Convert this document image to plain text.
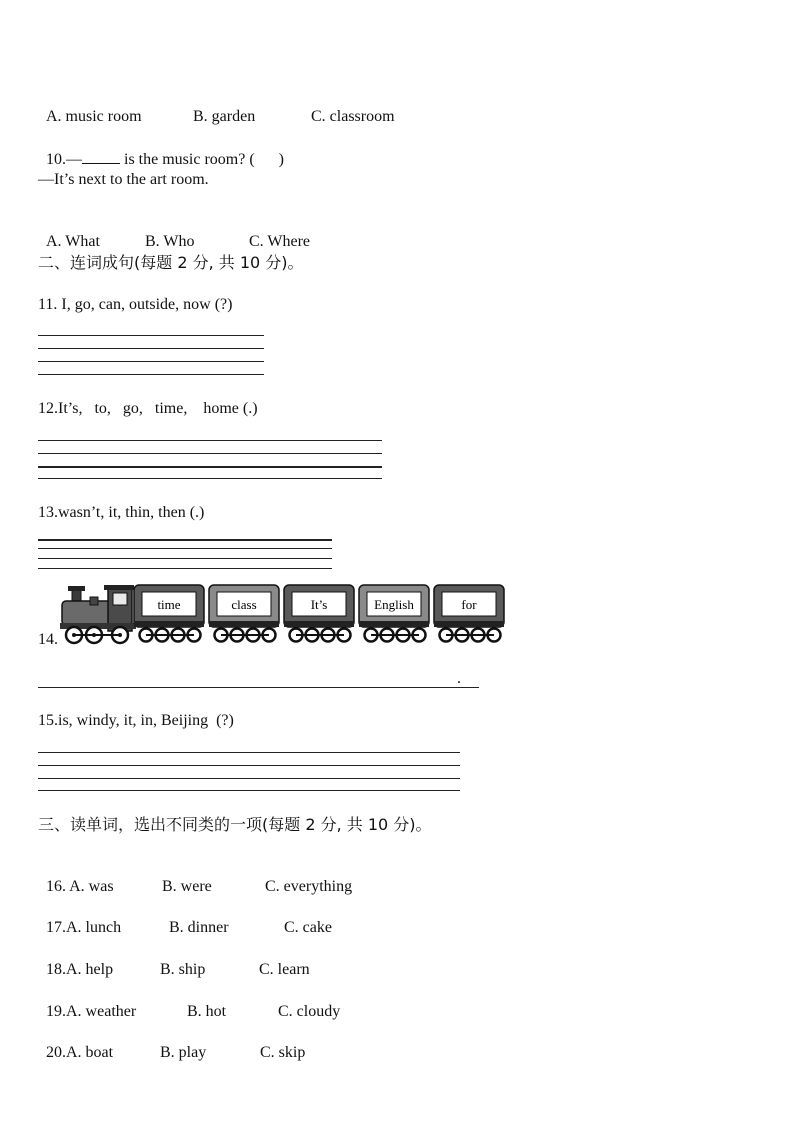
A. music room	B. garden	C. classroom

10.— is the music room? ( )

—It’s next to the art room.

A. What	B. Who	C. Where

二、连词成句(每题 2 分, 共 10 分)。
11. I, go, can, outside, now (?)
12.It’s,   to,   go,   time,    home (.)
13.wasn’t, it, thin, then (.)
14.
time	class	It’s	English	for
.
15.is, windy, it, in, Beijing  (?)
三、读单词，选出不同类的一项(每题 2 分, 共 10 分)。

16. A. was	B. were	C. everything

17.A. lunch	B. dinner	C. cake

18.A. help	B. ship	C. learn

19.A. weather	B. hot	C. cloudy

20.A. boat	B. play	C. skip
